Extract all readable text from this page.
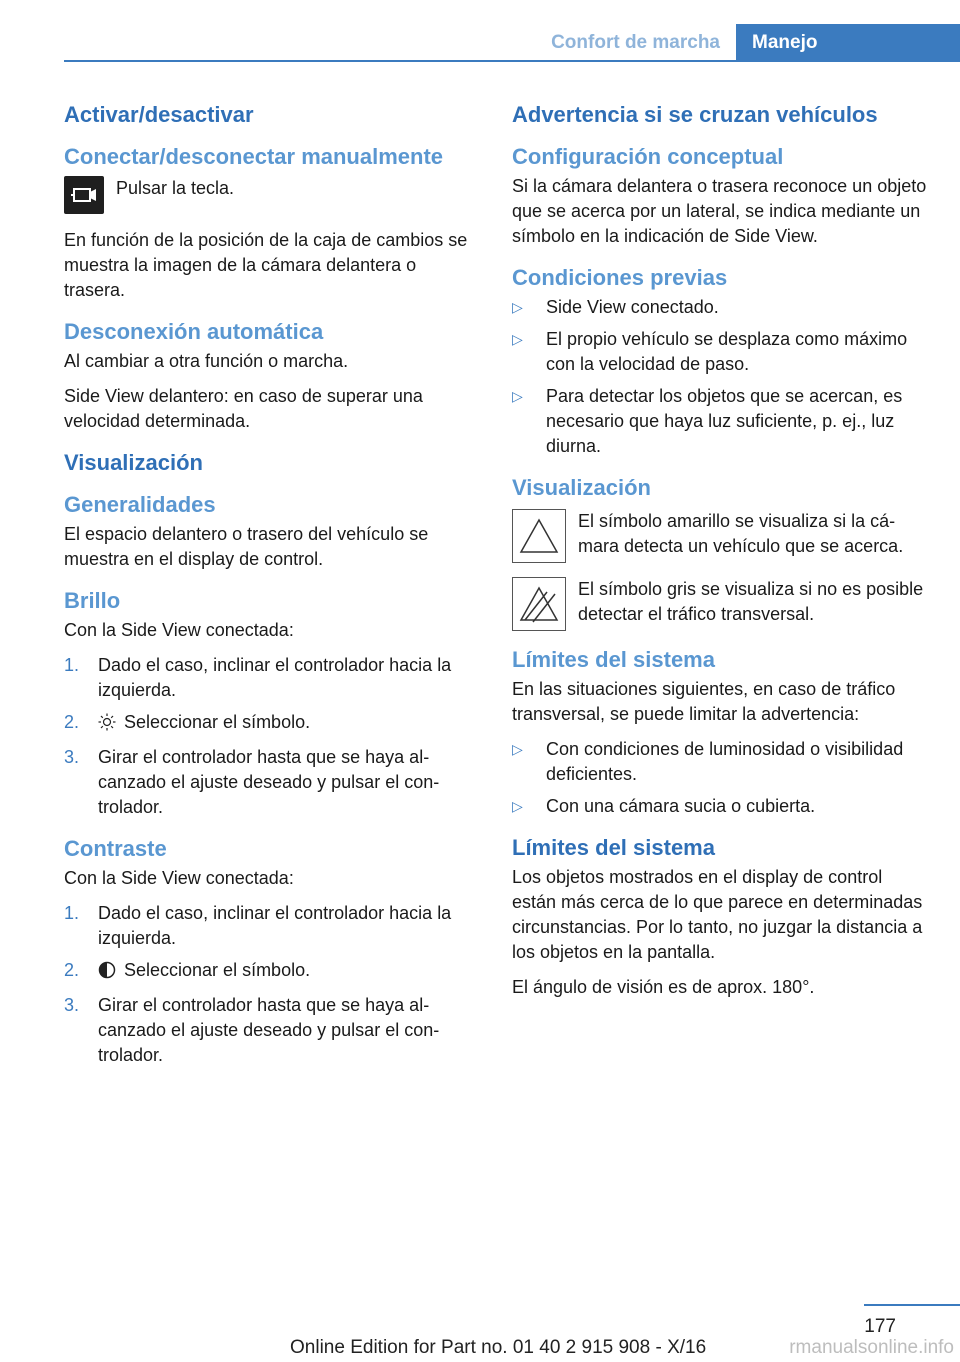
Confort de marcha	Manejo
Activar/desactivar
Conectar/desconectar manualmente
Pulsar la tecla.

En función de la posición de la caja de cambios se muestra la imagen de la cámara delantera o trasera.

Desconexión automática

Al cambiar a otra función o marcha.

Side View delantero: en caso de superar una velocidad determinada.

Visualización
Generalidades

El espacio delantero o trasero del vehículo se muestra en el display de control.

Brillo

Con la Side View conectada:

1. Dado el caso, inclinar el controlador hacia la izquierda.
2. Seleccionar el símbolo.
3. Girar el controlador hasta que se haya alcanzado el ajuste deseado y pulsar el controlador.
Contraste

Con la Side View conectada:

1. Dado el caso, inclinar el controlador hacia la izquierda.
2. Seleccionar el símbolo.
3. Girar el controlador hasta que se haya alcanzado el ajuste deseado y pulsar el controlador.
Advertencia si se cruzan vehículos
Configuración conceptual

Si la cámara delantera o trasera reconoce un objeto que se acerca por un lateral, se indica mediante un símbolo en la indicación de Side View.

Condiciones previas
▷ Side View conectado.
▷ El propio vehículo se desplaza como máximo con la velocidad de paso.
▷ Para detectar los objetos que se acercan, es necesario que haya luz suficiente, p. ej., luz diurna.
Visualización
El símbolo amarillo se visualiza si la cámara detecta un vehículo que se acerca.
El símbolo gris se visualiza si no es posible detectar el tráfico transversal.
Límites del sistema

En las situaciones siguientes, en caso de tráfico transversal, se puede limitar la advertencia:

▷ Con condiciones de luminosidad o visibilidad deficientes.
▷ Con una cámara sucia o cubierta.
Límites del sistema

Los objetos mostrados en el display de control están más cerca de lo que parece en determinadas circunstancias. Por lo tanto, no juzgar la distancia a los objetos en la pantalla.

El ángulo de visión es de aprox. 180°.

177
rmanualsonline.info
Online Edition for Part no. 01 40 2 915 908 - X/16
